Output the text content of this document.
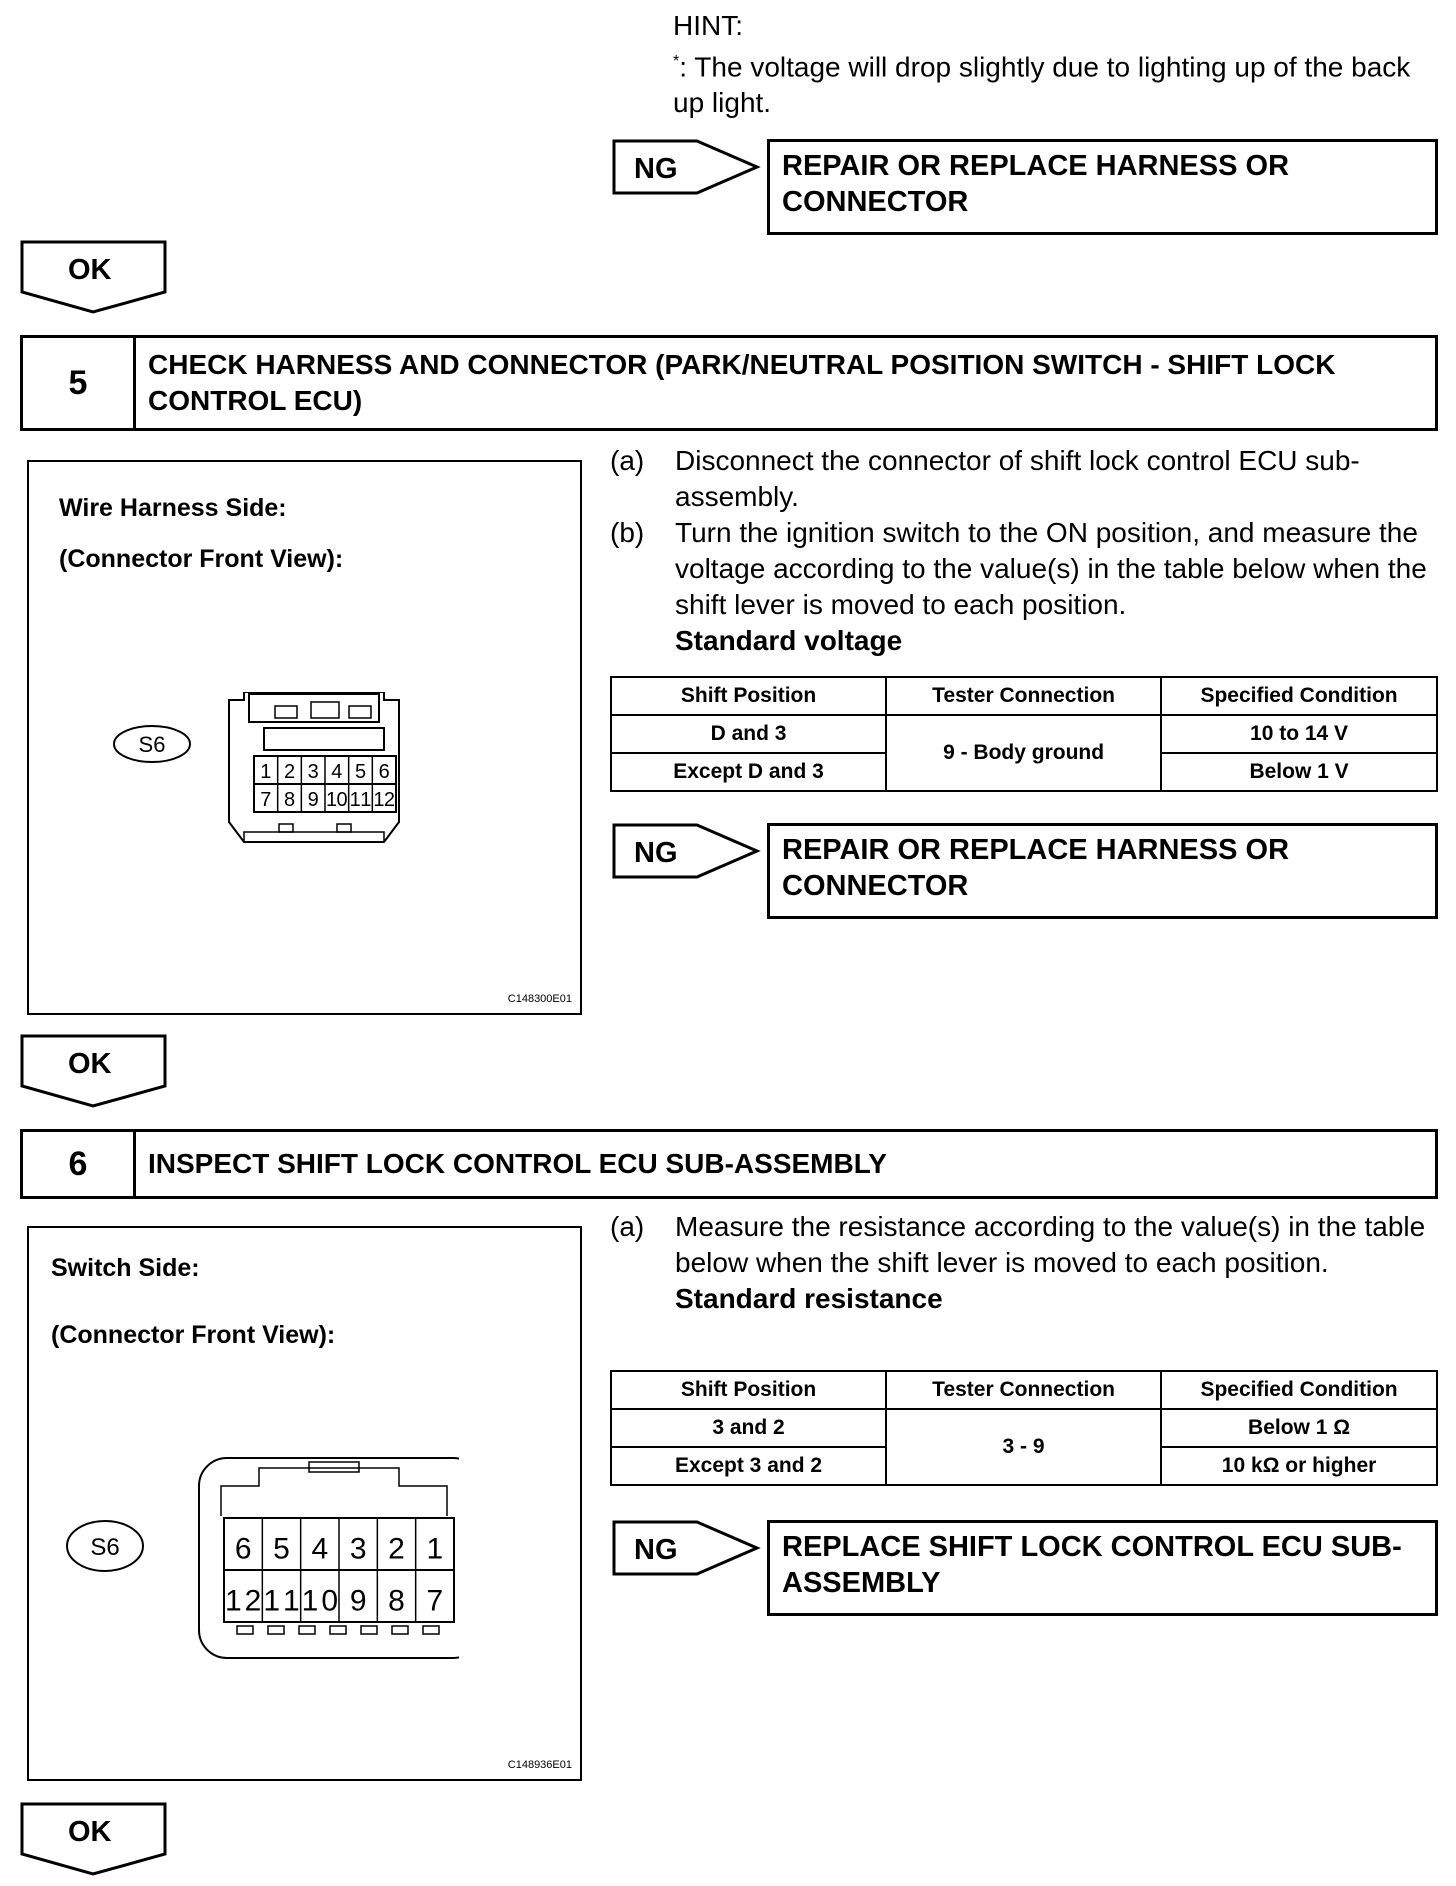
HINT:
*: The voltage will drop slightly due to lighting up of the back up light.
NG	REPAIR OR REPLACE HARNESS OR CONNECTOR
OK
5	CHECK HARNESS AND CONNECTOR (PARK/NEUTRAL POSITION SWITCH - SHIFT LOCK CONTROL ECU)
Wire Harness Side:
(Connector Front View):
S6
1 2 3 4 5 6
7 8 9 10 11 12
C148300E01
(a)	Disconnect the connector of shift lock control ECU sub-assembly.
(b)	Turn the ignition switch to the ON position, and measure the voltage according to the value(s) in the table below when the shift lever is moved to each position.
Standard voltage
Shift Position	Tester Connection	Specified Condition
D and 3	9 - Body ground	10 to 14 V
Except D and 3		Below 1 V
NG	REPAIR OR REPLACE HARNESS OR CONNECTOR
OK
6	INSPECT SHIFT LOCK CONTROL ECU SUB-ASSEMBLY
Switch Side:
(Connector Front View):
S6	6 5 4 3 2 1
12 11 10 9 8 7
C148936E01
(a)	Measure the resistance according to the value(s) in the table below when the shift lever is moved to each position.
Standard resistance
Shift Position	Tester Connection	Specified Condition
3 and 2	3 - 9	Below 1 Ω
Except 3 and 2		10 kΩ or higher
NG	REPLACE SHIFT LOCK CONTROL ECU SUB-ASSEMBLY
OK
